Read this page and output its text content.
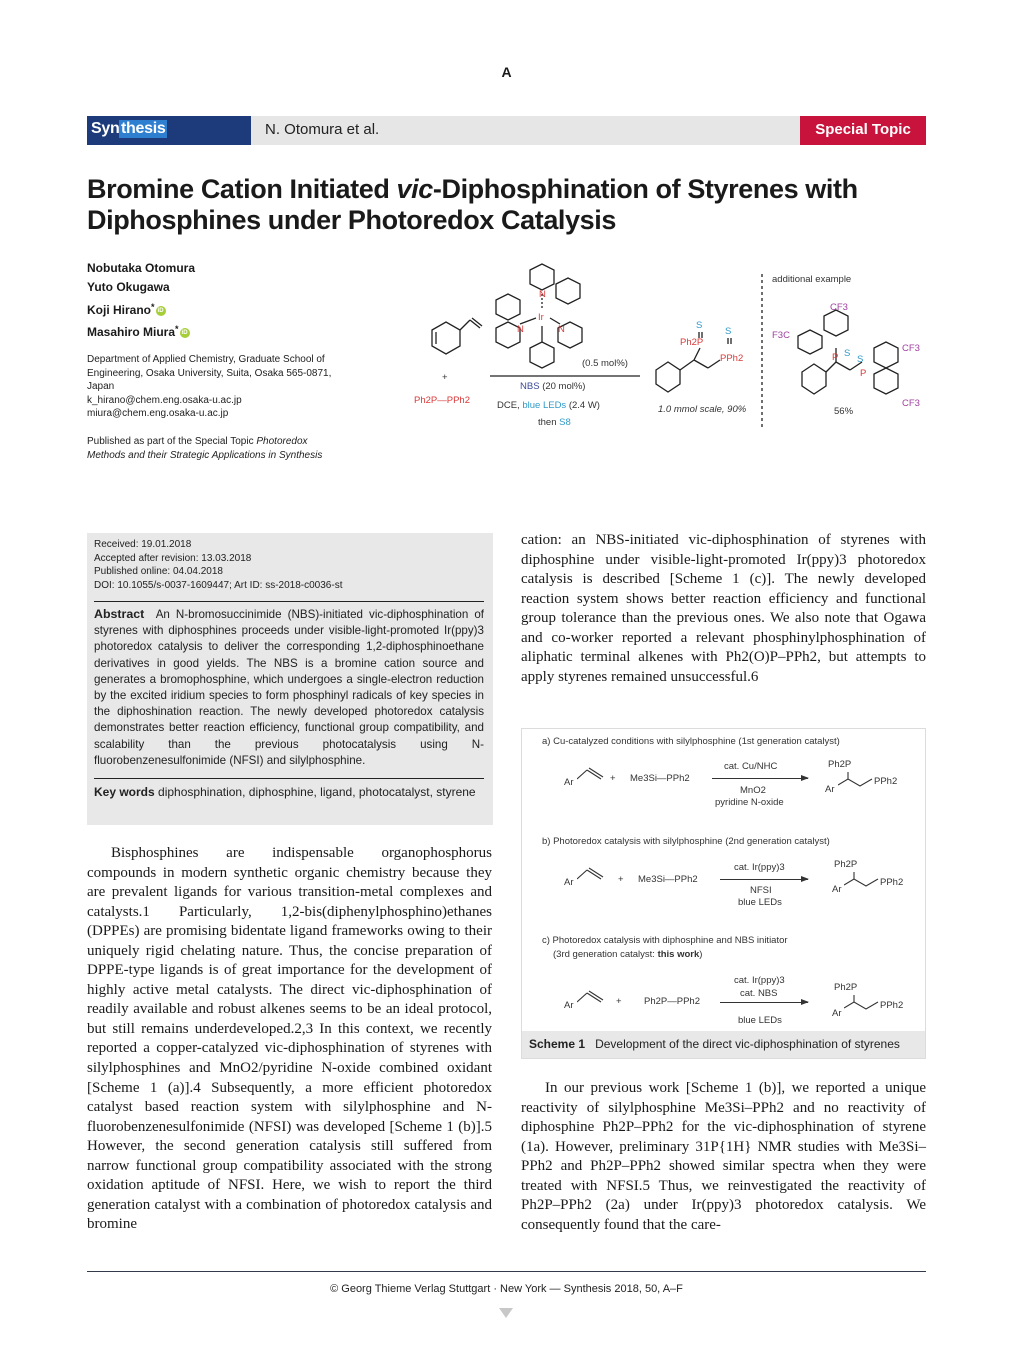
A
Syn thesis	N. Otomura et al.	Special Topic
Bromine Cation Initiated vic-Diphosphination of Styrenes with Diphosphines under Photoredox Catalysis
Nobutaka Otomura
Yuto Okugawa
Koji Hirano* iD
Masahiro Miura* iD
Department of Applied Chemistry, Graduate School of
Engineering, Osaka University, Suita, Osaka 565-0871,
Japan
k_hirano@chem.eng.osaka-u.ac.jp
miura@chem.eng.osaka-u.ac.jp
Published as part of the Special Topic Photoredox
Methods and their Strategic Applications in Synthesis
+
Ph2P—PPh2
Ir
N
N	N
(0.5 mol%)
NBS (20 mol%)
DCE, blue LEDs (2.4 W)
then S8
S
Ph2P
S
PPh2
1.0 mmol scale, 90%
additional example
CF3
F3C
CF3
CF3
P S
S
P
56%
Received: 19.01.2018
Accepted after revision: 13.03.2018
Published online: 04.04.2018
DOI: 10.1055/s-0037-1609447; Art ID: ss-2018-c0036-st
Abstract An N-bromosuccinimide (NBS)-initiated vic-diphosphination of styrenes with diphosphines proceeds under visible-light-promoted Ir(ppy)3 photoredox catalysis to deliver the corresponding 1,2-diphosphinoethane derivatives in good yields. The NBS is a bromine cation source and generates a bromophosphine, which undergoes a single-electron reduction by the excited iridium species to form phosphinyl radicals of key species in the diphoshination reaction. The newly developed photoredox catalysis demonstrates better reaction efficiency, functional group compatibility, and scalability than the previous photocatalysis using N-fluorobenzenesulfonimide (NFSI) and silylphosphine.
Key words diphosphination, diphosphine, ligand, photocatalyst, styrene
Bisphosphines are indispensable organophosphorus compounds in modern synthetic organic chemistry because they are prevalent ligands for various transition-metal complexes and catalysts.1 Particularly, 1,2-bis(diphenylphosphino)ethanes (DPPEs) are promising bidentate ligand frameworks owing to their uniquely rigid chelating nature. Thus, the concise preparation of DPPE-type ligands is of great importance for the development of highly active metal catalysts. The direct vic-diphosphination of readily available and robust alkenes seems to be an ideal protocol, but still remains underdeveloped.2,3 In this context, we recently reported a copper-catalyzed vic-diphosphination of styrenes with silylphosphines and MnO2/pyridine N-oxide combined oxidant [Scheme 1 (a)].4 Subsequently, a more efficient photoredox catalyst based reaction system with silylphosphine and N-fluorobenzenesulfonimide (NFSI) was developed [Scheme 1 (b)].5 However, the second generation catalysis still suffered from narrow functional group compatibility associated with the strong oxidation aptitude of NFSI. Here, we wish to report the third generation catalyst with a combination of photoredox catalysis and bromine
cation: an NBS-initiated vic-diphosphination of styrenes with diphosphine under visible-light-promoted Ir(ppy)3 photoredox catalysis is described [Scheme 1 (c)]. The newly developed reaction system shows better reaction efficiency and functional group tolerance than the previous ones. We also note that Ogawa and co-worker reported a relevant phosphinylphosphination of aliphatic terminal alkenes with Ph2(O)P–PPh2, but attempts to apply styrenes remained unsuccessful.6
a) Cu-catalyzed conditions with silylphosphine (1st generation catalyst)
Ar	+ Me3Si—PPh2
cat. Cu/NHC
MnO2
pyridine N-oxide
Ph2P
Ar
PPh2
b) Photoredox catalysis with silylphosphine (2nd generation catalyst)
Ar	+ Me3Si—PPh2
cat. Ir(ppy)3
NFSI
blue LEDs
Ph2P
Ar
PPh2
c) Photoredox catalysis with diphosphine and NBS initiator
(3rd generation catalyst: this work)
Ar	+ Ph2P—PPh2
cat. Ir(ppy)3
cat. NBS
blue LEDs
Ph2P
Ar
PPh2
Scheme 1 Development of the direct vic-diphosphination of styrenes
In our previous work [Scheme 1 (b)], we reported a unique reactivity of silylphosphine Me3Si–PPh2 and no reactivity of diphosphine Ph2P–PPh2 for the vic-diphosphination of styrene (1a). However, preliminary 31P{1H} NMR studies with Me3Si–PPh2 and Ph2P–PPh2 showed similar spectra when they were treated with NFSI.5 Thus, we reinvestigated the reactivity of Ph2P–PPh2 (2a) under Ir(ppy)3 photoredox catalysis. We consequently found that the care-
© Georg Thieme Verlag Stuttgart · New York — Synthesis 2018, 50, A–F
